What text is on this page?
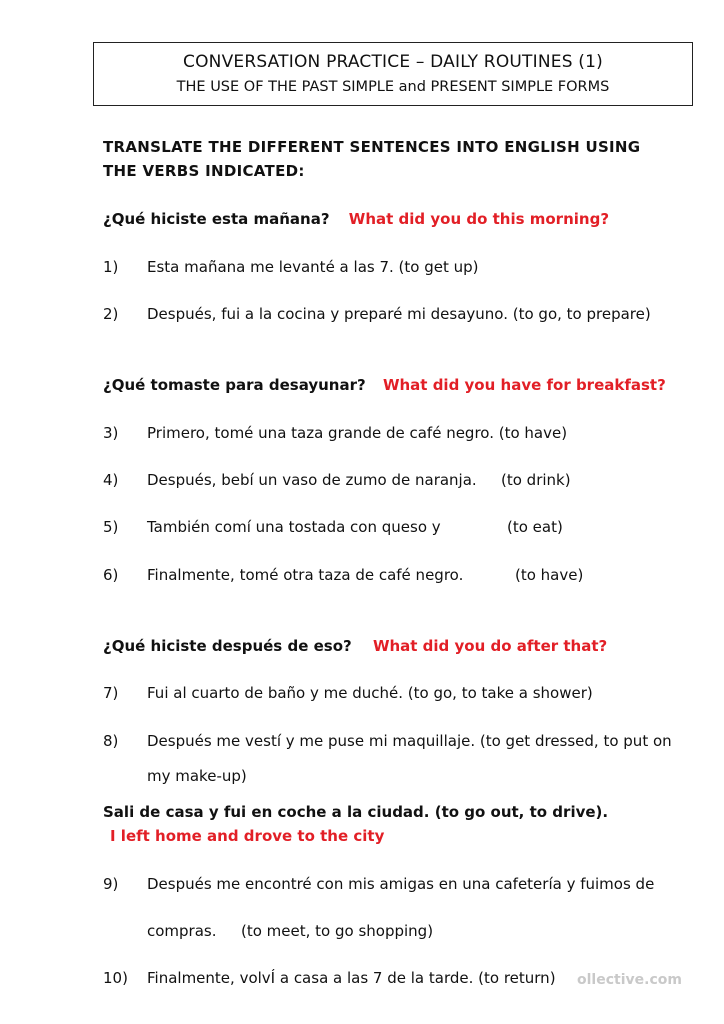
CONVERSATION PRACTICE – DAILY ROUTINES (1)
THE USE OF THE PAST SIMPLE and PRESENT SIMPLE FORMS
TRANSLATE THE DIFFERENT SENTENCES INTO ENGLISH USING
THE VERBS INDICATED:
¿Qué hiciste esta mañana? What did you do this morning?
1) Esta mañana me levanté a las 7. (to get up)
2) Después, fui a la cocina y preparé mi desayuno. (to go, to prepare)
¿Qué tomaste para desayunar? What did you have for breakfast?
3) Primero, tomé una taza grande de café negro. (to have)
4) Después, bebí un vaso de zumo de naranja. (to drink)
5) También comí una tostada con queso y	(to eat)
6) Finalmente, tomé otra taza de café negro.	(to have)
¿Qué hiciste después de eso? What did you do after that?
7) Fui al cuarto de baño y me duché. (to go, to take a shower)
8) Después me vestí y me puse mi maquillaje. (to get dressed, to put on
my make-up)
Sali de casa y fui en coche a la ciudad. (to go out, to drive).
I left home and drove to the city
9) Después me encontré con mis amigas en una cafetería y fuimos de
compras. (to meet, to go shopping)
10) Finalmente, volvÍ a casa a las 7 de la tarde. (to return) ollective.com
